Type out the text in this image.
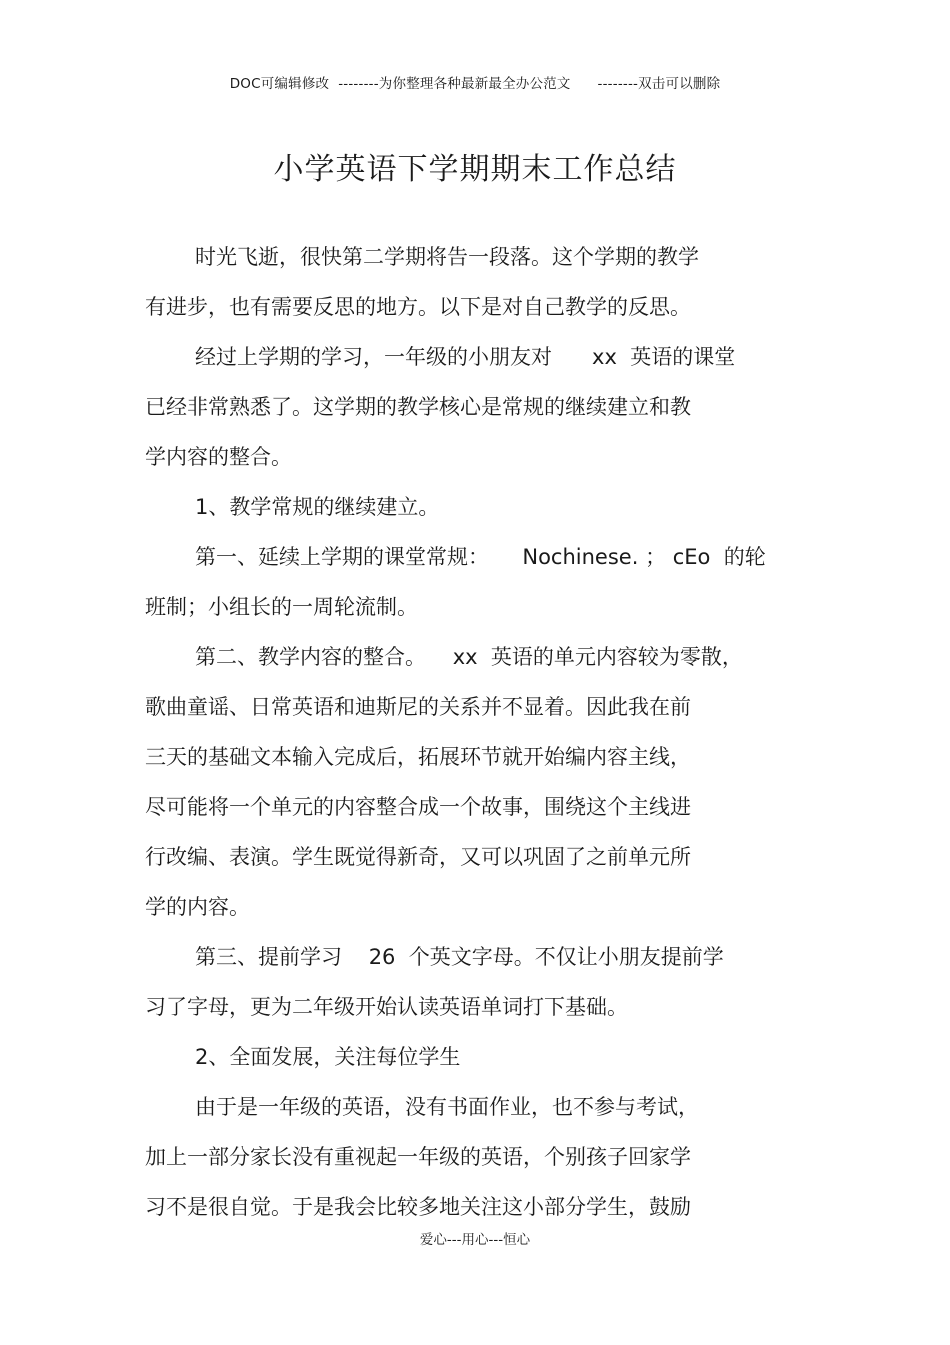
DOC可编辑修改  --------为你整理各种最新最全办公范文      --------双击可以删除
小学英语下学期期末工作总结
时光飞逝，很快第二学期将告一段落。这个学期的教学
有进步，也有需要反思的地方。以下是对自己教学的反思。
经过上学期的学习，一年级的小朋友对      xx  英语的课堂
已经非常熟悉了。这学期的教学核心是常规的继续建立和教
学内容的整合。
1、教学常规的继续建立。
第一、延续上学期的课堂常规：     Nochinese. ； cEo  的轮
班制；小组长的一周轮流制。
第二、教学内容的整合。    xx  英语的单元内容较为零散，
歌曲童谣、日常英语和迪斯尼的关系并不显着。因此我在前
三天的基础文本输入完成后，拓展环节就开始编内容主线，
尽可能将一个单元的内容整合成一个故事，围绕这个主线进
行改编、表演。学生既觉得新奇，又可以巩固了之前单元所
学的内容。
第三、提前学习    26  个英文字母。不仅让小朋友提前学
习了字母，更为二年级开始认读英语单词打下基础。
2、全面发展，关注每位学生
由于是一年级的英语，没有书面作业，也不参与考试，
加上一部分家长没有重视起一年级的英语，个别孩子回家学
习不是很自觉。于是我会比较多地关注这小部分学生，鼓励
爱心---用心---恒心
